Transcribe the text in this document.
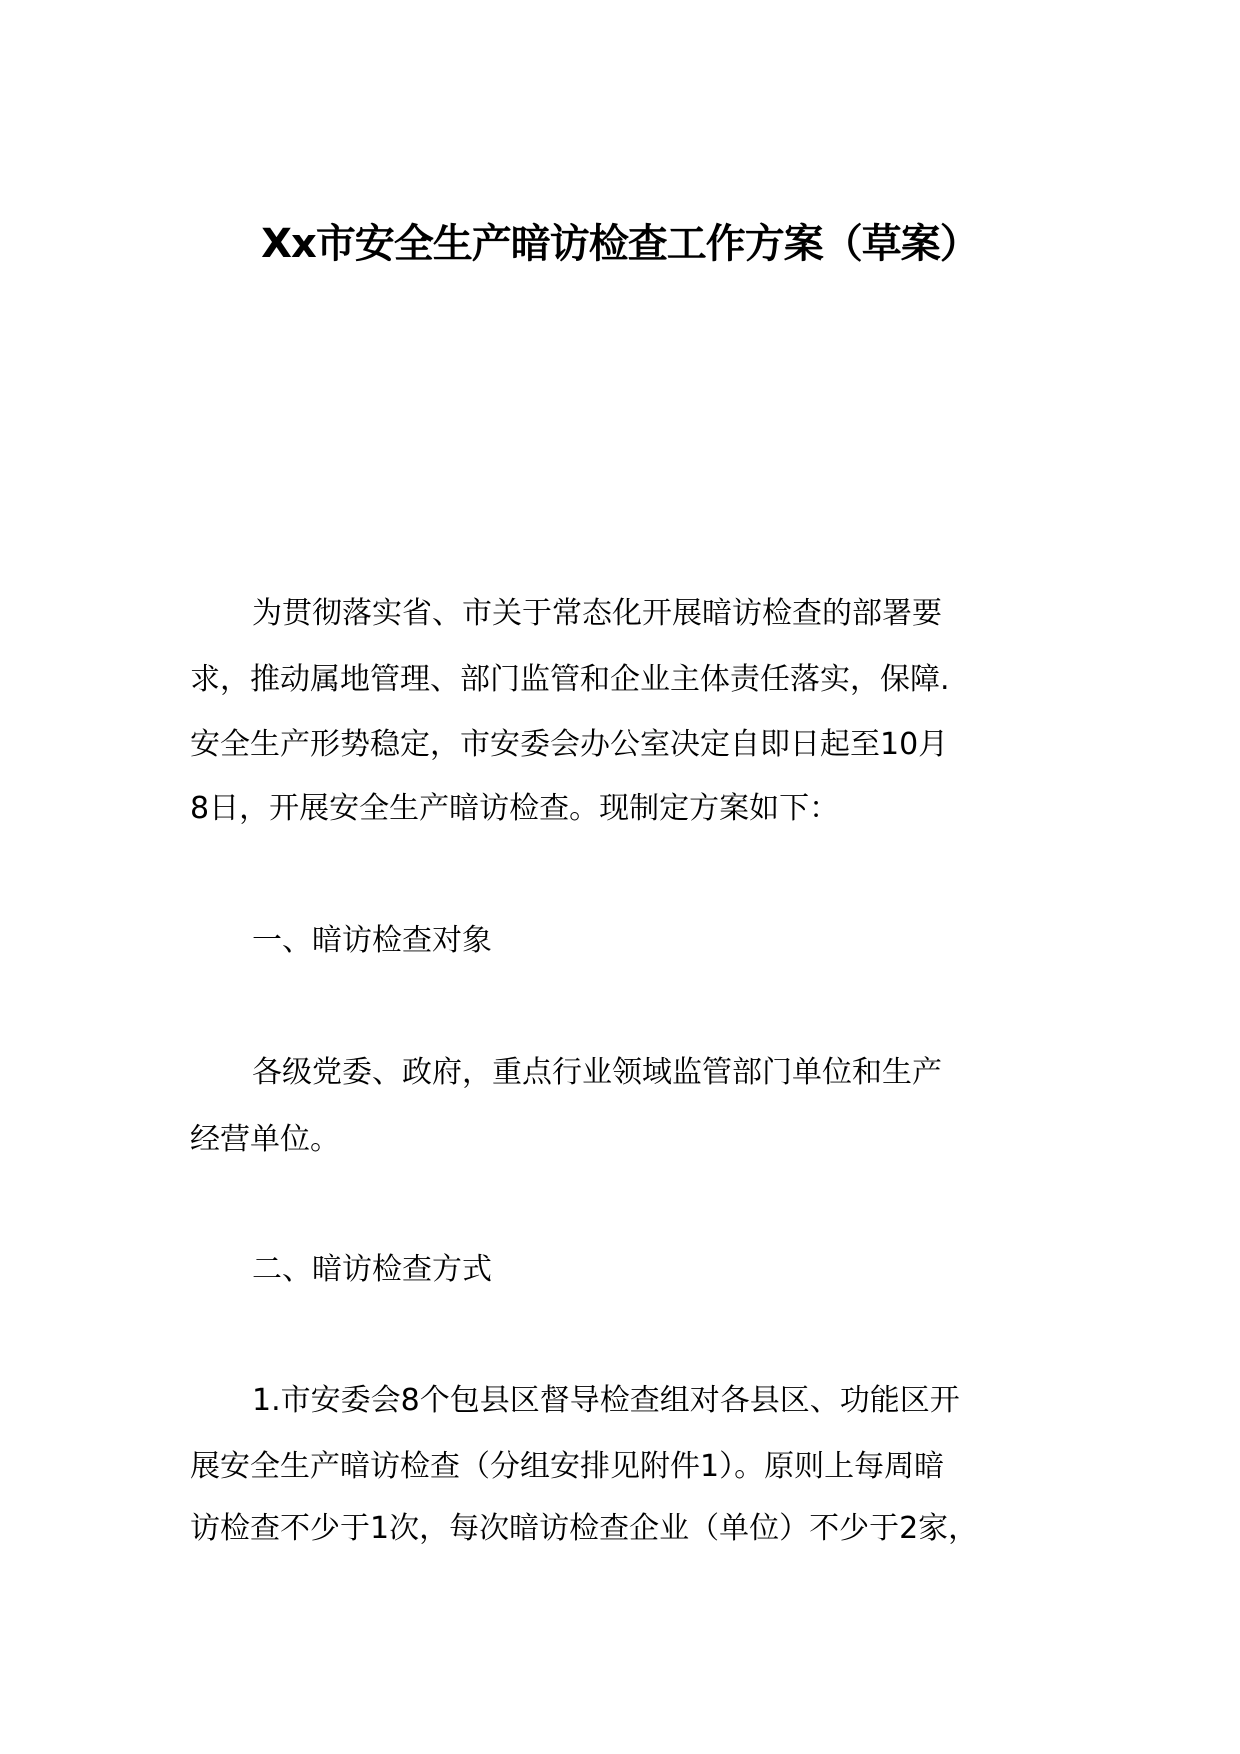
Xx市安全生产暗访检查工作方案（草案）
为贯彻落实省、市关于常态化开展暗访检查的部署要
求，推动属地管理、部门监管和企业主体责任落实，保障.
安全生产形势稳定，市安委会办公室决定自即日起至10月
8日，开展安全生产暗访检查。现制定方案如下：
一、暗访检查对象
各级党委、政府，重点行业领域监管部门单位和生产
经营单位。
二、暗访检查方式
1.市安委会8个包县区督导检查组对各县区、功能区开
展安全生产暗访检查（分组安排见附件1）。原则上每周暗
访检查不少于1次，每次暗访检查企业（单位）不少于2家，
